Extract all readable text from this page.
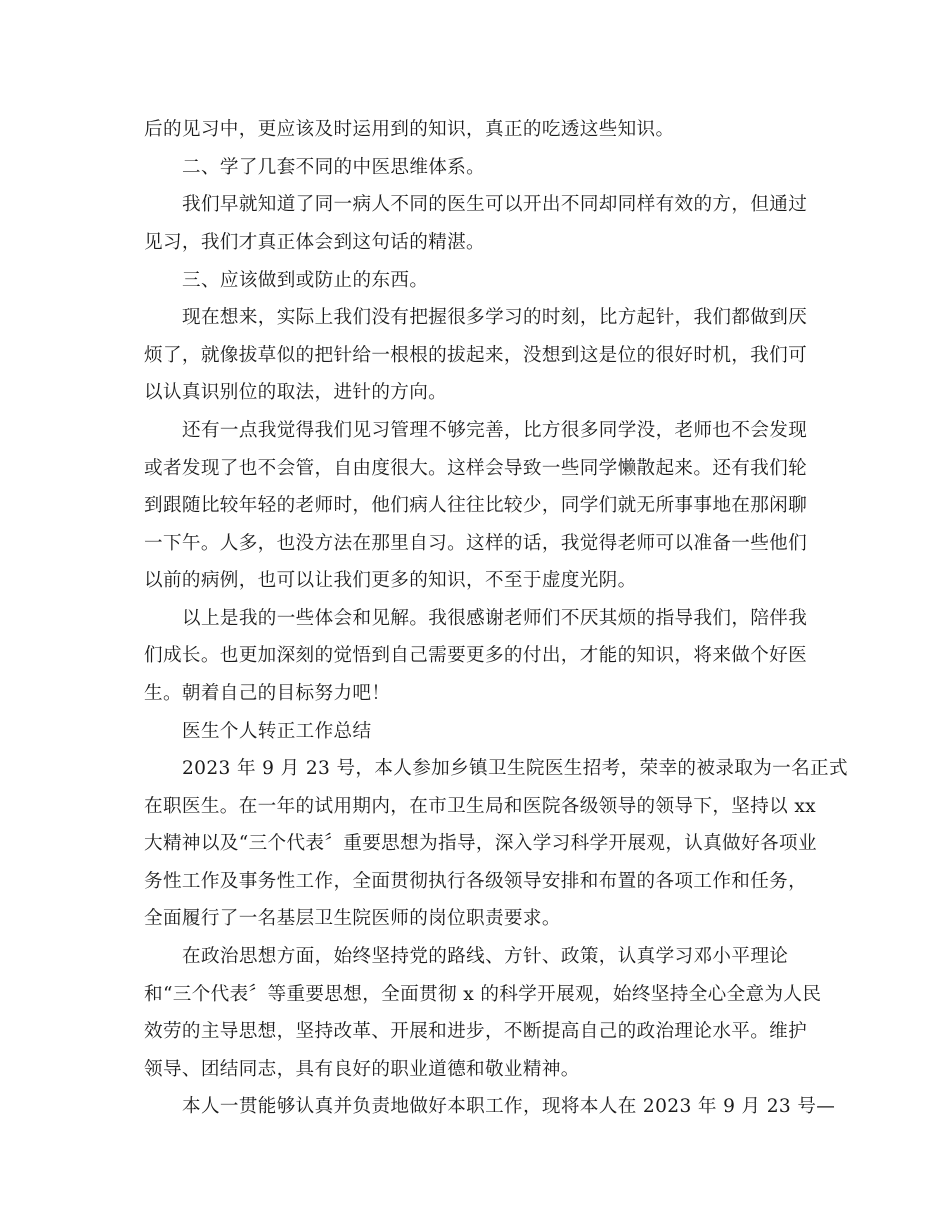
后的见习中，更应该及时运用到的知识，真正的吃透这些知识。
二、学了几套不同的中医思维体系。
我们早就知道了同一病人不同的医生可以开出不同却同样有效的方，但通过
见习，我们才真正体会到这句话的精湛。
三、应该做到或防止的东西。
现在想来，实际上我们没有把握很多学习的时刻，比方起针，我们都做到厌
烦了，就像拔草似的把针给一根根的拔起来，没想到这是位的很好时机，我们可
以认真识别位的取法，进针的方向。
还有一点我觉得我们见习管理不够完善，比方很多同学没，老师也不会发现
或者发现了也不会管，自由度很大。这样会导致一些同学懒散起来。还有我们轮
到跟随比较年轻的老师时，他们病人往往比较少，同学们就无所事事地在那闲聊
一下午。人多，也没方法在那里自习。这样的话，我觉得老师可以准备一些他们
以前的病例，也可以让我们更多的知识，不至于虚度光阴。
以上是我的一些体会和见解。我很感谢老师们不厌其烦的指导我们，陪伴我
们成长。也更加深刻的觉悟到自己需要更多的付出，才能的知识，将来做个好医
生。朝着自己的目标努力吧！
医生个人转正工作总结
2023 年 9 月 23 号，本人参加乡镇卫生院医生招考，荣幸的被录取为一名正式
在职医生。在一年的试用期内，在市卫生局和医院各级领导的领导下，坚持以 xx
大精神以及“三个代表〞重要思想为指导，深入学习科学开展观，认真做好各项业
务性工作及事务性工作，全面贯彻执行各级领导安排和布置的各项工作和任务，
全面履行了一名基层卫生院医师的岗位职责要求。
在政治思想方面，始终坚持党的路线、方针、政策，认真学习邓小平理论
和“三个代表〞等重要思想，全面贯彻 x 的科学开展观，始终坚持全心全意为人民
效劳的主导思想，坚持改革、开展和进步，不断提高自己的政治理论水平。维护
领导、团结同志，具有良好的职业道德和敬业精神。
本人一贯能够认真并负责地做好本职工作，现将本人在 2023 年 9 月 23 号—
